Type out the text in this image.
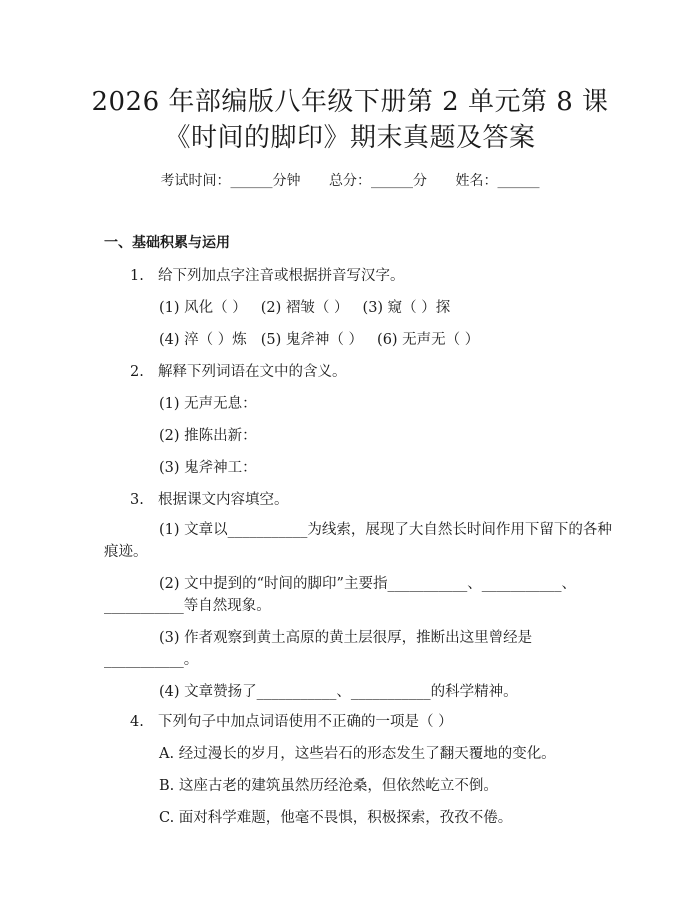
2026 年部编版八年级下册第 2 单元第 8 课
《时间的脚印》期末真题及答案
考试时间：______分钟 总分：______分 姓名：______
一、基础积累与运用
1. 给下列加点字注音或根据拼音写汉字。
(1) 风化（ ） (2) 褶皱（ ） (3) 窥（ ）探
(4) 淬（ ）炼 (5) 鬼斧神（ ） (6) 无声无（ ）
2. 解释下列词语在文中的含义。
(1) 无声无息：
(2) 推陈出新：
(3) 鬼斧神工：
3. 根据课文内容填空。
(1) 文章以___________为线索，展现了大自然长时间作用下留下的各种
痕迹。
(2) 文中提到的“时间的脚印”主要指___________、___________、
___________等自然现象。
(3) 作者观察到黄土高原的黄土层很厚，推断出这里曾经是
___________。
(4) 文章赞扬了___________、___________的科学精神。
4. 下列句子中加点词语使用不正确的一项是（ ）
A. 经过漫长的岁月，这些岩石的形态发生了翻天覆地的变化。
B. 这座古老的建筑虽然历经沧桑，但依然屹立不倒。
C. 面对科学难题，他毫不畏惧，积极探索，孜孜不倦。
